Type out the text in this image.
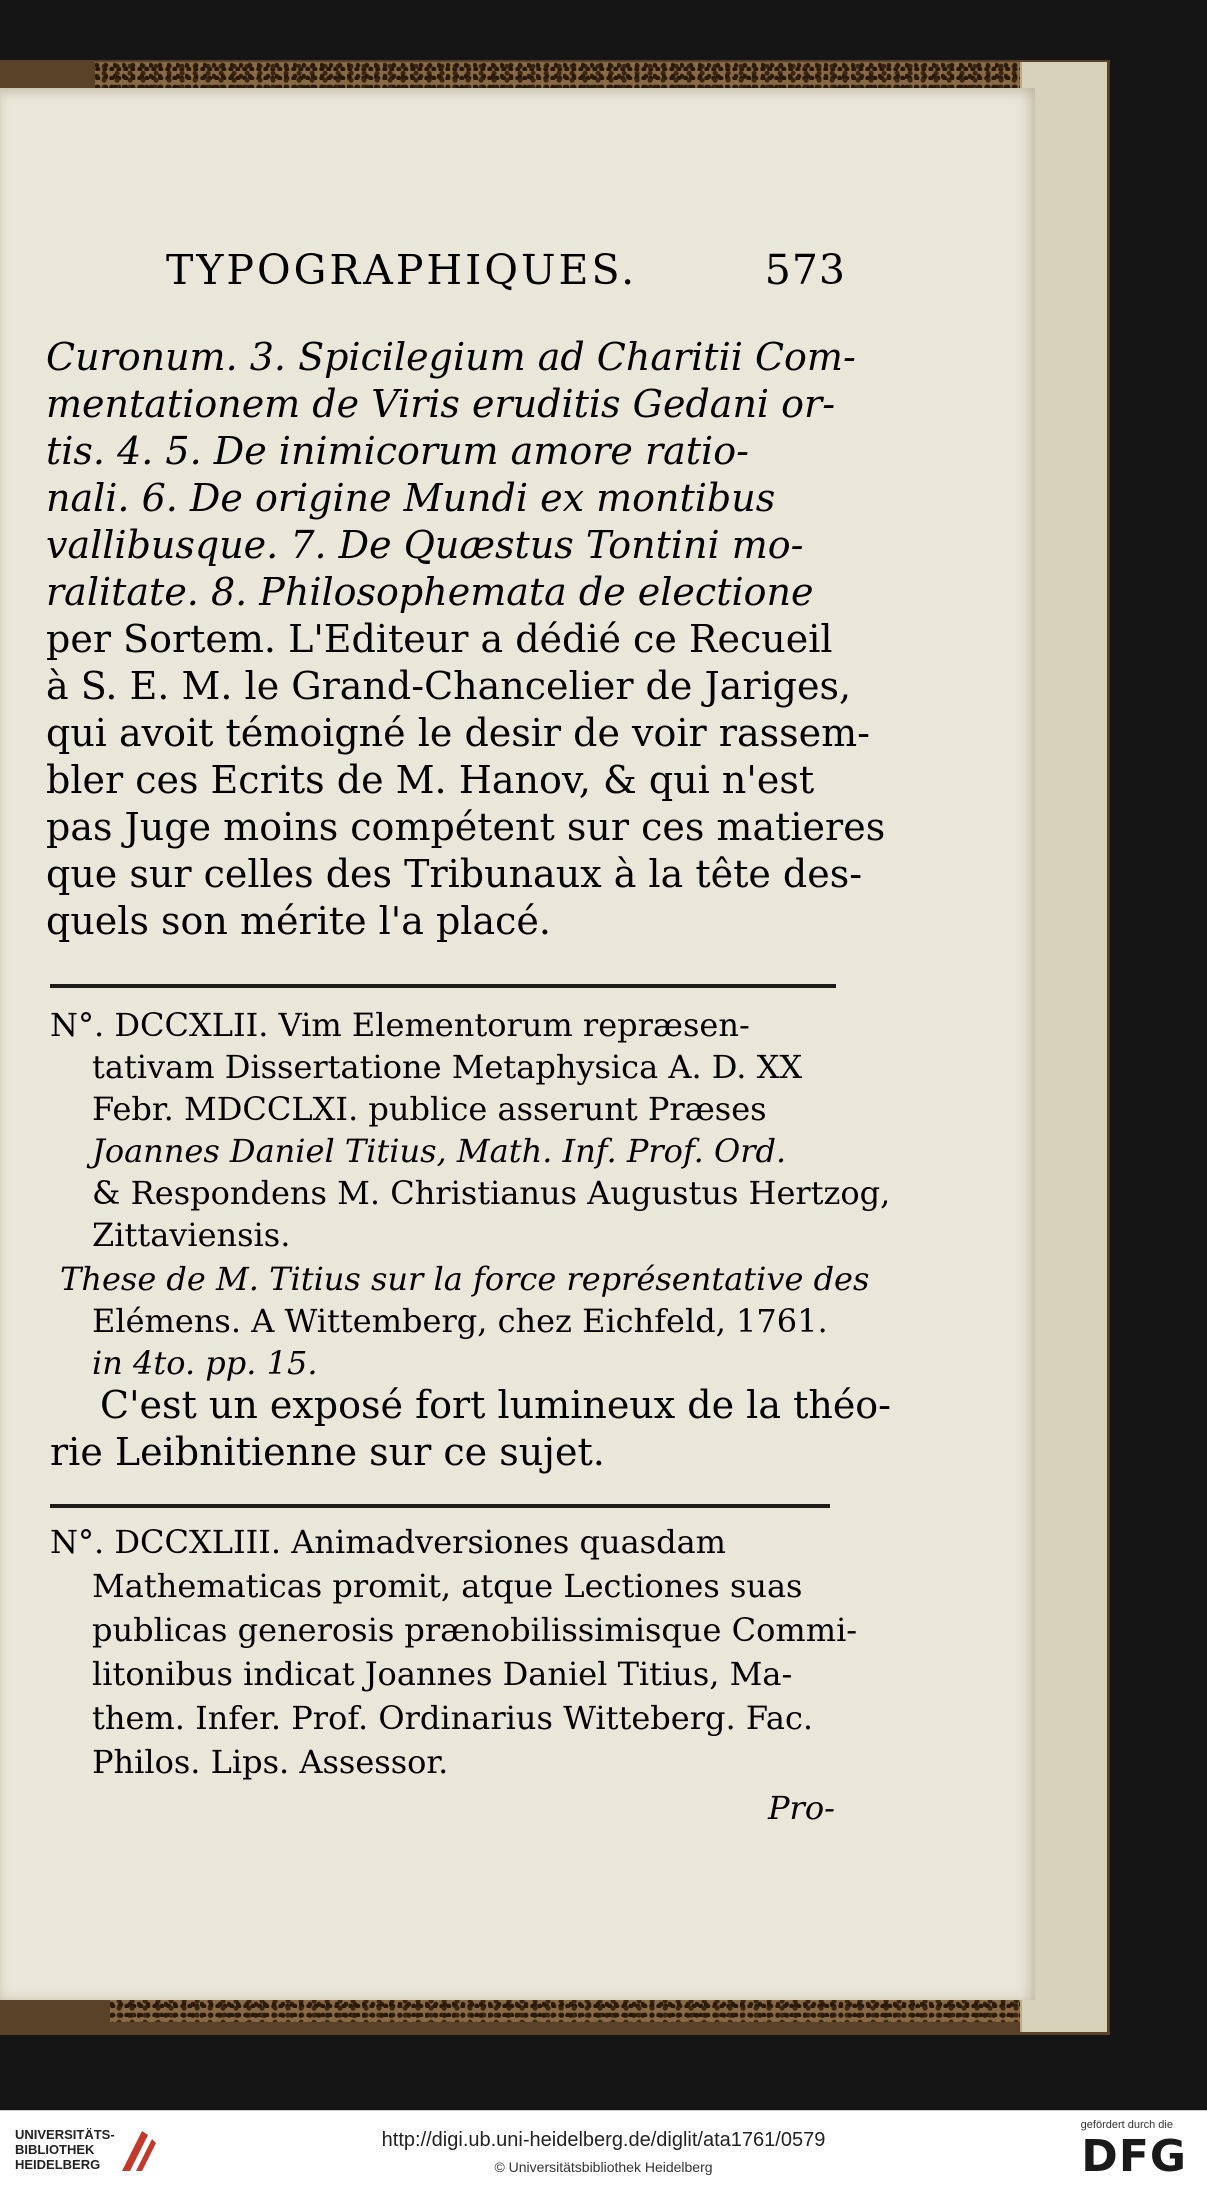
TYPOGRAPHIQUES.	573
Curonum. 3. Spicilegium ad Charitii Com-
mentationem de Viris eruditis Gedani or-
tis. 4. 5. De inimicorum amore ratio-
nali. 6. De origine Mundi ex montibus
vallibusque. 7. De Quæstus Tontini mo-
ralitate. 8. Philosophemata de electione
per Sortem. L'Editeur a dédié ce Recueil
à S. E. M. le Grand-Chancelier de Jariges,
qui avoit témoigné le desir de voir rassem-
bler ces Ecrits de M. Hanov, & qui n'est
pas Juge moins compétent sur ces matieres
que sur celles des Tribunaux à la tête des-
quels son mérite l'a placé.
N°. DCCXLII. Vim Elementorum repræsen-
tativam Dissertatione Metaphysica A. D. XX
Febr. MDCCLXI. publice asserunt Præses
Joannes Daniel Titius, Math. Inf. Prof. Ord.
& Respondens M. Christianus Augustus Hertzog,
Zittaviensis.
These de M. Titius sur la force représentative des
Elémens. A Wittemberg, chez Eichfeld, 1761.
in 4to. pp. 15.
C'est un exposé fort lumineux de la théo-
rie Leibnitienne sur ce sujet.
N°. DCCXLIII. Animadversiones quasdam
Mathematicas promit, atque Lectiones suas
publicas generosis prænobilissimisque Commi-
litonibus indicat Joannes Daniel Titius, Ma-
them. Infer. Prof. Ordinarius Witteberg. Fac.
Philos. Lips. Assessor.
Pro-
UNIVERSITÄTS-
BIBLIOTHEK
HEIDELBERG
http://digi.ub.uni-heidelberg.de/diglit/ata1761/0579
© Universitätsbibliothek Heidelberg
gefördert durch die
DFG
